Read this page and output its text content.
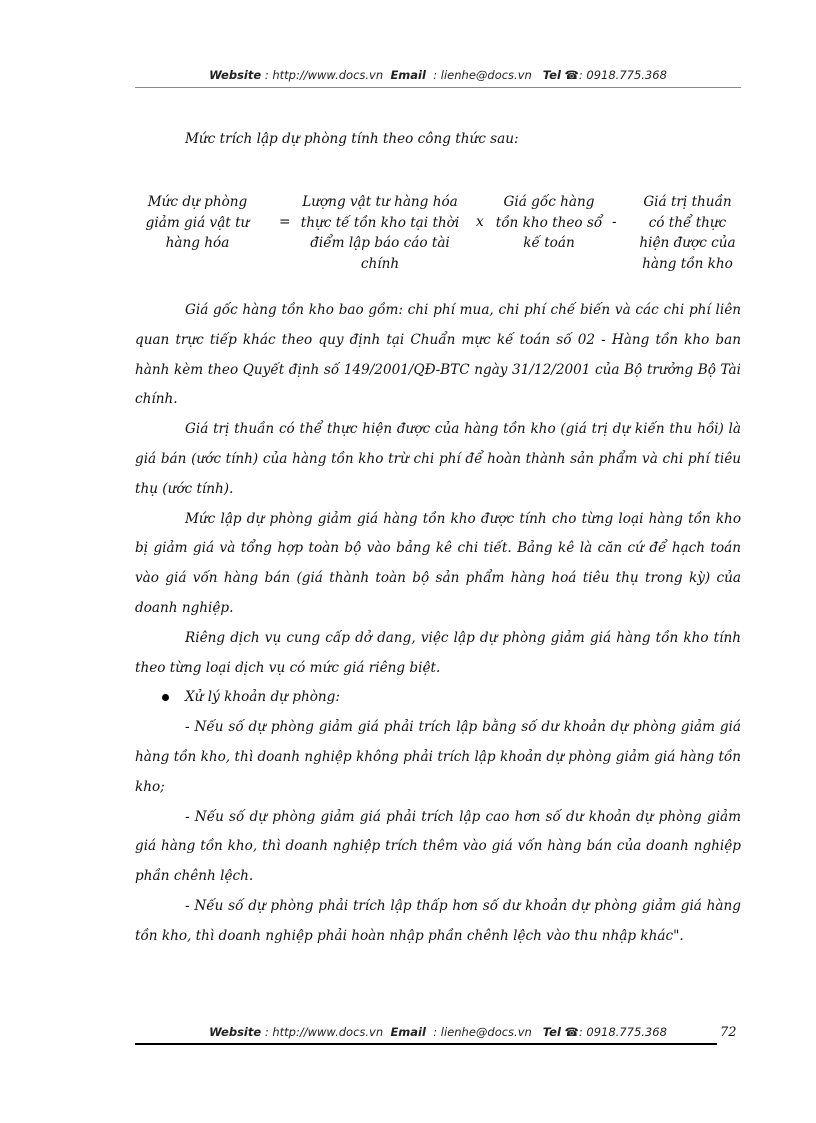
Website : http://www.docs.vn Email : lienhe@docs.vn Tel ☎: 0918.775.368
Mức trích lập dự phòng tính theo công thức sau:
Mức dự phòng giảm giá vật tư hàng hóa
=
Lượng vật tư hàng hóa thực tế tồn kho tại thời điểm lập báo cáo tài chính
x
Giá gốc hàng tồn kho theo sổ kế toán
-
Giá trị thuần có thể thực hiện được của hàng tồn kho

Giá gốc hàng tồn kho bao gồm: chi phí mua, chi phí chế biến và các chi phí liên quan trực tiếp khác theo quy định tại Chuẩn mực kế toán số 02 - Hàng tồn kho ban hành kèm theo Quyết định số 149/2001/QĐ-BTC ngày 31/12/2001 của Bộ trưởng Bộ Tài chính.

Giá trị thuần có thể thực hiện được của hàng tồn kho (giá trị dự kiến thu hồi) là giá bán (ước tính) của hàng tồn kho trừ chi phí để hoàn thành sản phẩm và chi phí tiêu thụ (ước tính).

Mức lập dự phòng giảm giá hàng tồn kho được tính cho từng loại hàng tồn kho bị giảm giá và tổng hợp toàn bộ vào bảng kê chi tiết. Bảng kê là căn cứ để hạch toán vào giá vốn hàng bán (giá thành toàn bộ sản phẩm hàng hoá tiêu thụ trong kỳ) của doanh nghiệp.

Riêng dịch vụ cung cấp dở dang, việc lập dự phòng giảm giá hàng tồn kho tính theo từng loại dịch vụ có mức giá riêng biệt.

Xử lý khoản dự phòng:

- Nếu số dự phòng giảm giá phải trích lập bằng số dư khoản dự phòng giảm giá hàng tồn kho, thì doanh nghiệp không phải trích lập khoản dự phòng giảm giá hàng tồn kho;

- Nếu số dự phòng giảm giá phải trích lập cao hơn số dư khoản dự phòng giảm giá hàng tồn kho, thì doanh nghiệp trích thêm vào giá vốn hàng bán của doanh nghiệp phần chênh lệch.

- Nếu số dự phòng phải trích lập thấp hơn số dư khoản dự phòng giảm giá hàng tồn kho, thì doanh nghiệp phải hoàn nhập phần chênh lệch vào thu nhập khác".

Website : http://www.docs.vn Email : lienhe@docs.vn Tel ☎: 0918.775.368	72
